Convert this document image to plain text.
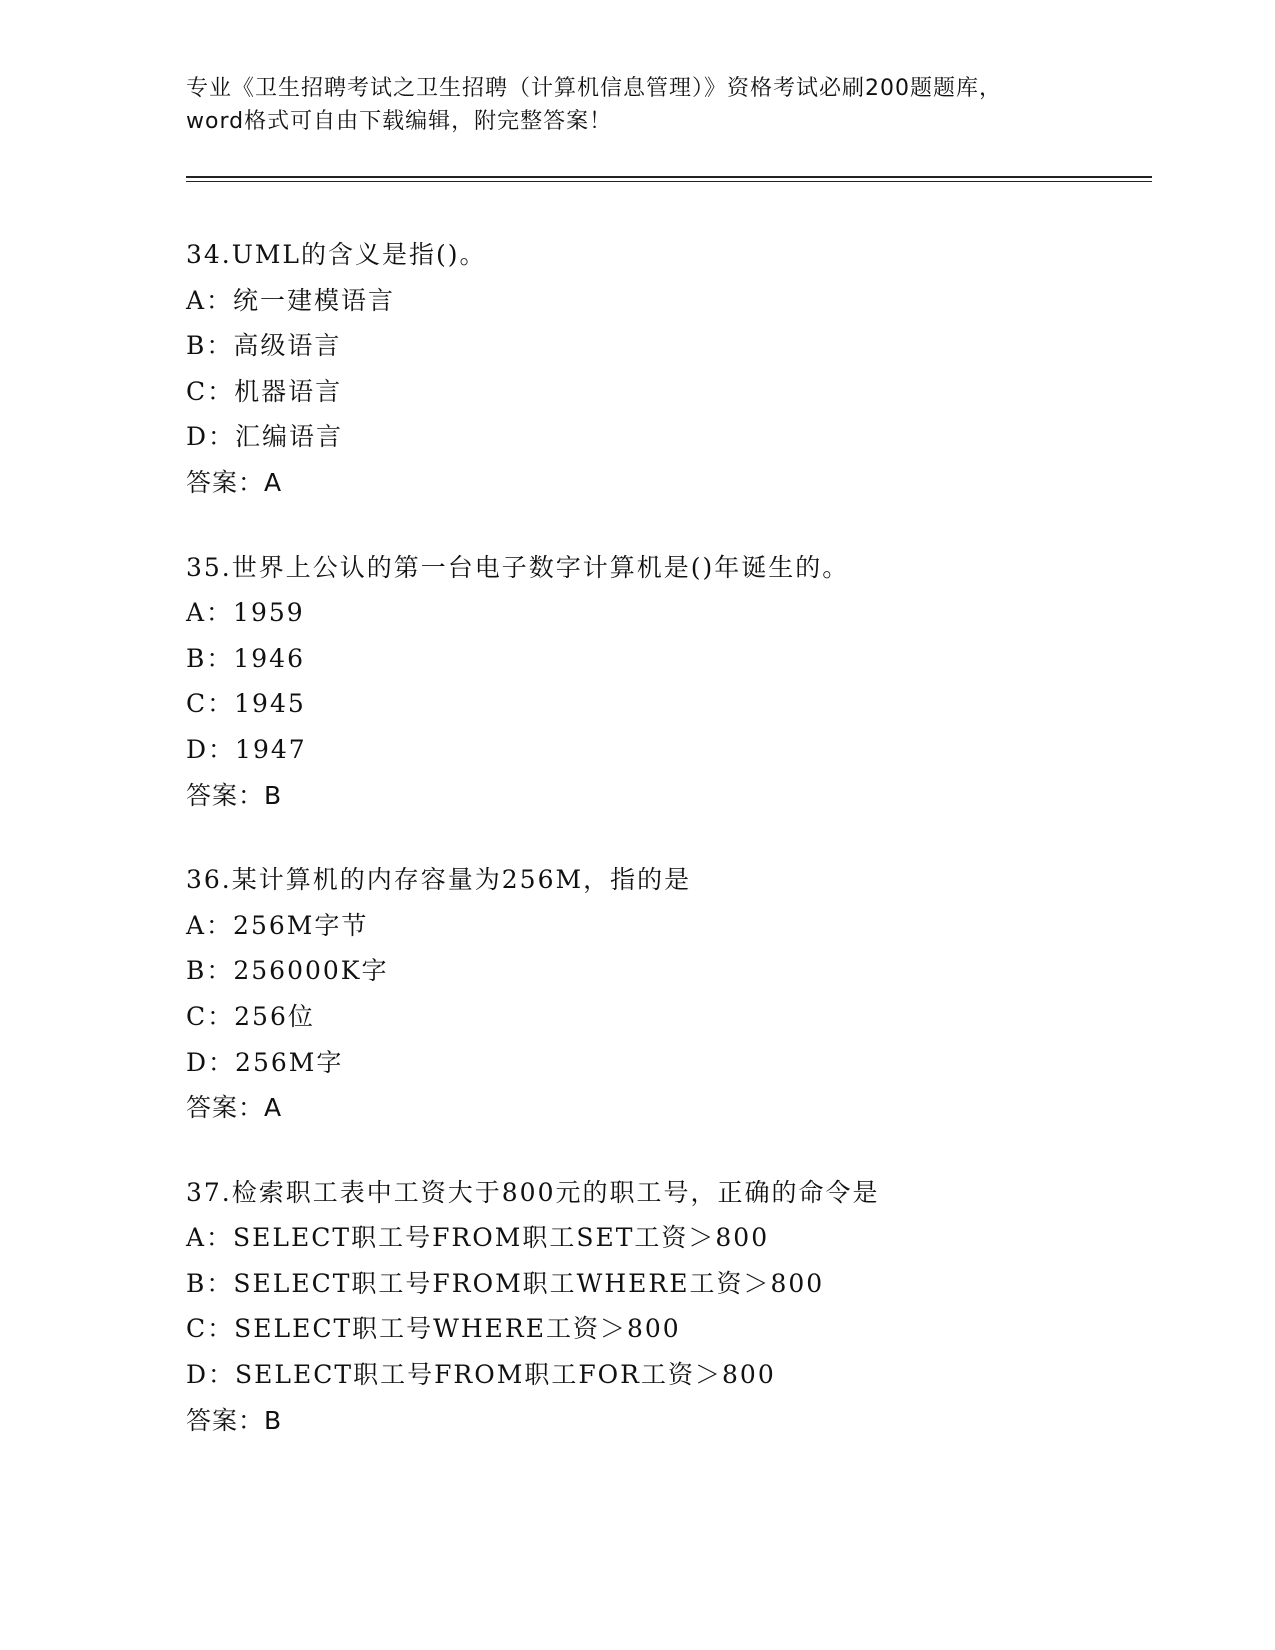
专业《卫生招聘考试之卫生招聘（计算机信息管理）》资格考试必刷200题题库，
word格式可自由下载编辑，附完整答案！
34.UML的含义是指()。
A：统一建模语言
B：高级语言
C：机器语言
D：汇编语言
答案：A
35.世界上公认的第一台电子数字计算机是()年诞生的。
A：1959
B：1946
C：1945
D：1947
答案：B
36.某计算机的内存容量为256M，指的是
A：256M字节
B：256000K字
C：256位
D：256M字
答案：A
37.检索职工表中工资大于800元的职工号，正确的命令是
A：SELECT职工号FROM职工SET工资＞800
B：SELECT职工号FROM职工WHERE工资＞800
C：SELECT职工号WHERE工资＞800
D：SELECT职工号FROM职工FOR工资＞800
答案：B
